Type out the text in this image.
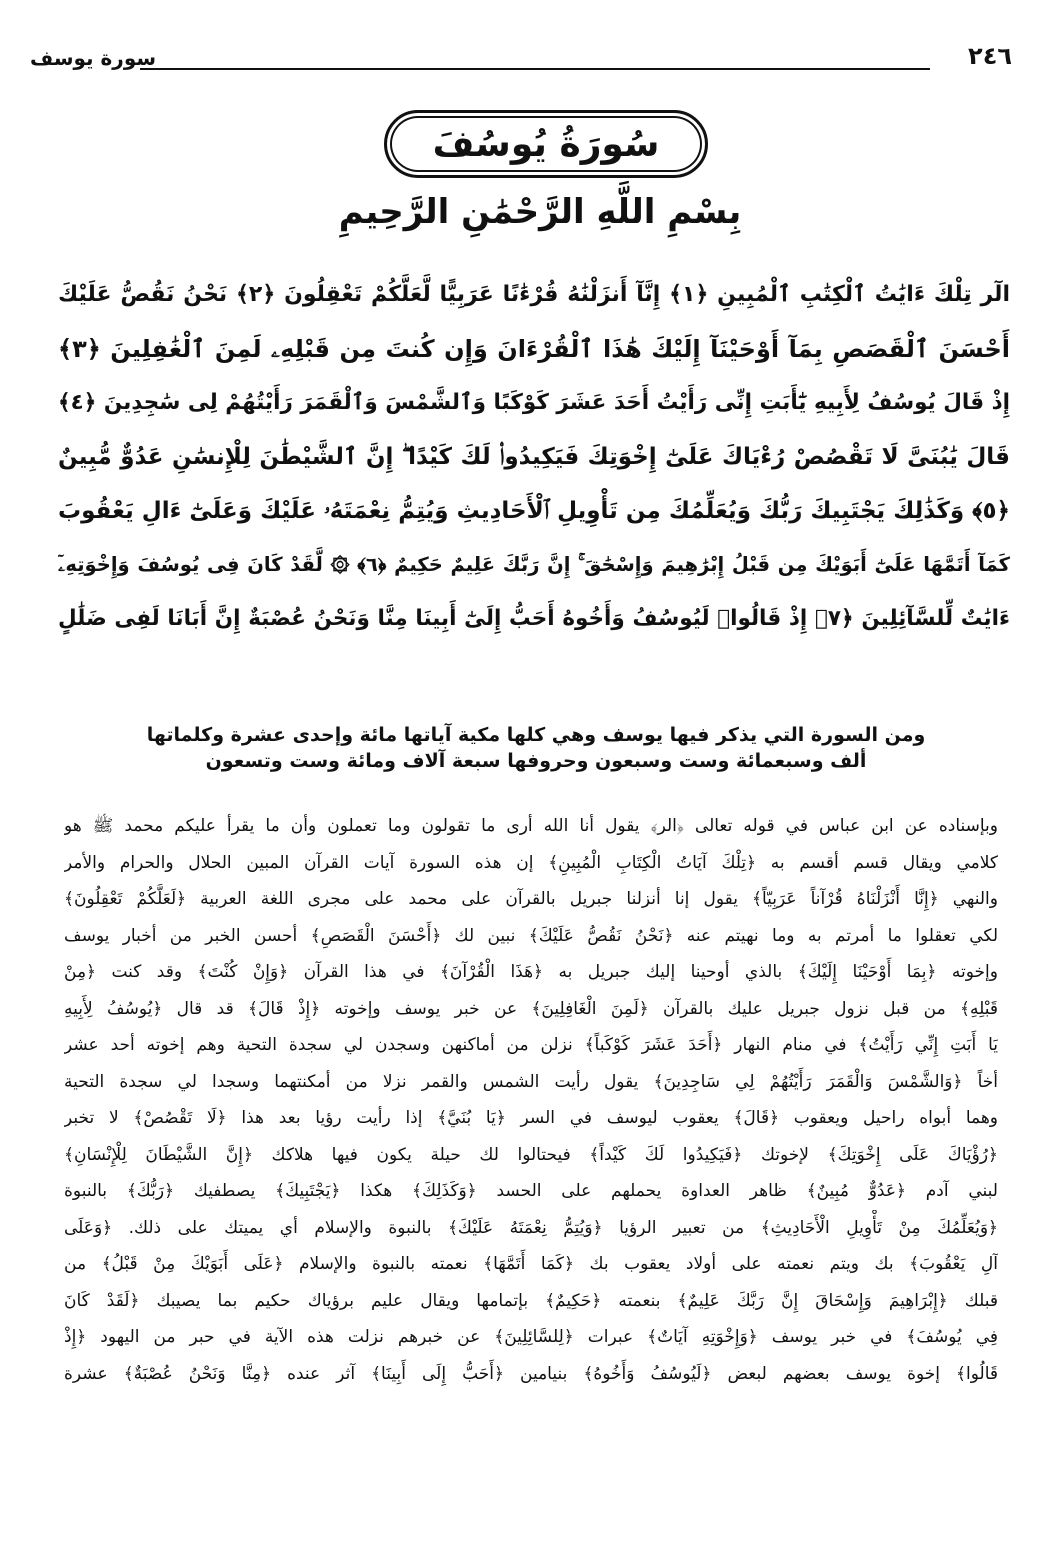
سورة يوسف	٢٤٦
سُورَةُ يُوسُفَ
بِسْمِ اللَّهِ الرَّحْمَٰنِ الرَّحِيمِ
الٓر تِلْكَ ءَايَٰتُ ٱلْكِتَٰبِ ٱلْمُبِينِ ﴿١﴾ إِنَّآ أَنزَلْنَٰهُ قُرْءَٰنًا عَرَبِيًّا لَّعَلَّكُمْ تَعْقِلُونَ ﴿٢﴾ نَحْنُ نَقُصُّ عَلَيْكَ
أَحْسَنَ ٱلْقَصَصِ بِمَآ أَوْحَيْنَآ إِلَيْكَ هَٰذَا ٱلْقُرْءَانَ وَإِن كُنتَ مِن قَبْلِهِۦ لَمِنَ ٱلْغَٰفِلِينَ ﴿٣﴾
إِذْ قَالَ يُوسُفُ لِأَبِيهِ يَٰٓأَبَتِ إِنِّى رَأَيْتُ أَحَدَ عَشَرَ كَوْكَبًا وَٱلشَّمْسَ وَٱلْقَمَرَ رَأَيْتُهُمْ لِى سَٰجِدِينَ ﴿٤﴾
قَالَ يَٰبُنَىَّ لَا تَقْصُصْ رُءْيَاكَ عَلَىٰٓ إِخْوَتِكَ فَيَكِيدُوا۟ لَكَ كَيْدًا ۖ إِنَّ ٱلشَّيْطَٰنَ لِلْإِنسَٰنِ عَدُوٌّ مُّبِينٌ
﴿٥﴾ وَكَذَٰلِكَ يَجْتَبِيكَ رَبُّكَ وَيُعَلِّمُكَ مِن تَأْوِيلِ ٱلْأَحَادِيثِ وَيُتِمُّ نِعْمَتَهُۥ عَلَيْكَ وَعَلَىٰٓ ءَالِ يَعْقُوبَ
كَمَآ أَتَمَّهَا عَلَىٰٓ أَبَوَيْكَ مِن قَبْلُ إِبْرَٰهِيمَ وَإِسْحَٰقَ ۚ إِنَّ رَبَّكَ عَلِيمٌ حَكِيمٌ ﴿٦﴾ ۞ لَّقَدْ كَانَ فِى يُوسُفَ وَإِخْوَتِهِۦٓ
ءَايَٰتٌ لِّلسَّآئِلِينَ ﴿٧﴾ إِذْ قَالُوا۟ لَيُوسُفُ وَأَخُوهُ أَحَبُّ إِلَىٰٓ أَبِينَا مِنَّا وَنَحْنُ عُصْبَةٌ إِنَّ أَبَانَا لَفِى ضَلَٰلٍ
ومن السورة التي يذكر فيها يوسف وهي كلها مكية آياتها مائة وإحدى عشرة وكلماتها
ألف وسبعمائة وست وسبعون وحروفها سبعة آلاف ومائة وست وتسعون
وبإسناده عن ابن عباس في قوله تعالى ﴿الر﴾ يقول أنا الله أرى ما تقولون وما تعملون وأن ما يقرأ عليكم محمد ﷺ هو
كلامي ويقال قسم أقسم به ﴿تِلْكَ آيَاتُ الْكِتَابِ الْمُبِينِ﴾ إن هذه السورة آيات القرآن المبين الحلال والحرام والأمر
والنهي ﴿إِنَّا أَنْزَلْنَاهُ قُرْآناً عَرَبِيّاً﴾ يقول إنا أنزلنا جبريل بالقرآن على محمد على مجرى اللغة العربية ﴿لَعَلَّكُمْ تَعْقِلُونَ﴾
لكي تعقلوا ما أمرتم به وما نهيتم عنه ﴿نَحْنُ نَقُصُّ عَلَيْكَ﴾ نبين لك ﴿أَحْسَنَ الْقَصَصِ﴾ أحسن الخبر من أخبار يوسف
وإخوته ﴿بِمَا أَوْحَيْنَا إِلَيْكَ﴾ بالذي أوحينا إليك جبريل به ﴿هَذَا الْقُرْآنَ﴾ في هذا القرآن ﴿وَإِنْ كُنْتَ﴾ وقد كنت ﴿مِنْ
قَبْلِهِ﴾ من قبل نزول جبريل عليك بالقرآن ﴿لَمِنَ الْغَافِلِينَ﴾ عن خبر يوسف وإخوته ﴿إِذْ قَالَ﴾ قد قال ﴿يُوسُفُ لِأَبِيهِ
يَا أَبَتِ إِنِّي رَأَيْتُ﴾ في منام النهار ﴿أَحَدَ عَشَرَ كَوْكَباً﴾ نزلن من أماكنهن وسجدن لي سجدة التحية وهم إخوته أحد عشر
أخاً ﴿وَالشَّمْسَ وَالْقَمَرَ رَأَيْتُهُمْ لِي سَاجِدِينَ﴾ يقول رأيت الشمس والقمر نزلا من أمكنتهما وسجدا لي سجدة التحية
وهما أبواه راحيل ويعقوب ﴿قَالَ﴾ يعقوب ليوسف في السر ﴿يَا بُنَيَّ﴾ إذا رأيت رؤيا بعد هذا ﴿لَا تَقْصُصْ﴾ لا تخبر
﴿رُؤْيَاكَ عَلَى إِخْوَتِكَ﴾ لإخوتك ﴿فَيَكِيدُوا لَكَ كَيْداً﴾ فيحتالوا لك حيلة يكون فيها هلاكك ﴿إِنَّ الشَّيْطَانَ لِلْإِنْسَانِ﴾
لبني آدم ﴿عَدُوٌّ مُبِينٌ﴾ ظاهر العداوة يحملهم على الحسد ﴿وَكَذَلِكَ﴾ هكذا ﴿يَجْتَبِيكَ﴾ يصطفيك ﴿رَبُّكَ﴾ بالنبوة
﴿وَيُعَلِّمُكَ مِنْ تَأْوِيلِ الْأَحَادِيثِ﴾ من تعبير الرؤيا ﴿وَيُتِمُّ نِعْمَتَهُ عَلَيْكَ﴾ بالنبوة والإسلام أي يميتك على ذلك. ﴿وَعَلَى
آلِ يَعْقُوبَ﴾ بك ويتم نعمته على أولاد يعقوب بك ﴿كَمَا أَتَمَّهَا﴾ نعمته بالنبوة والإسلام ﴿عَلَى أَبَوَيْكَ مِنْ قَبْلُ﴾ من
قبلك ﴿إِبْرَاهِيمَ وَإِسْحَاقَ إِنَّ رَبَّكَ عَلِيمٌ﴾ بنعمته ﴿حَكِيمٌ﴾ بإتمامها ويقال عليم برؤياك حكيم بما يصيبك ﴿لَقَدْ كَانَ
فِي يُوسُفَ﴾ في خبر يوسف ﴿وَإِخْوَتِهِ آيَاتٌ﴾ عبرات ﴿لِلسَّائِلِينَ﴾ عن خبرهم نزلت هذه الآية في حبر من اليهود ﴿إِذْ
قَالُوا﴾ إخوة يوسف بعضهم لبعض ﴿لَيُوسُفُ وَأَخُوهُ﴾ بنيامين ﴿أَحَبُّ إِلَى أَبِينَا﴾ آثر عنده ﴿مِنَّا وَنَحْنُ عُصْبَةٌ﴾ عشرة
